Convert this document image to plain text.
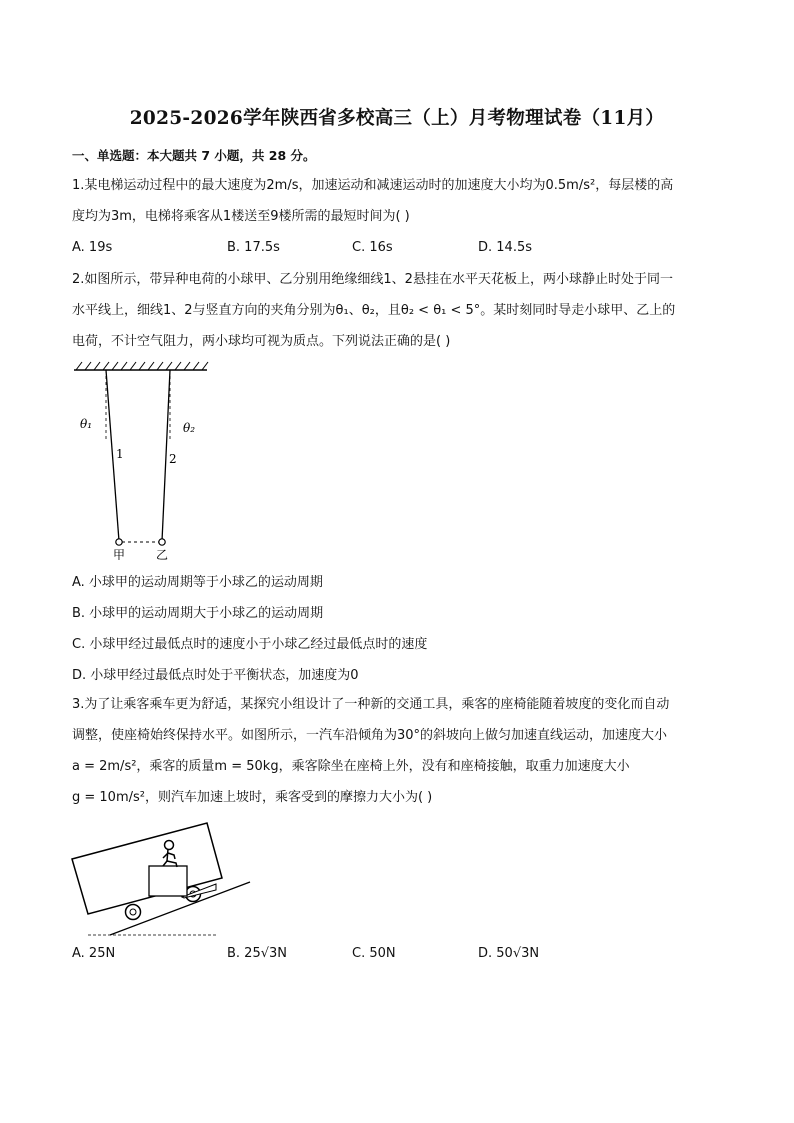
2025-2026学年陕西省多校高三（上）月考物理试卷（11月）
一、单选题：本大题共 7 小题，共 28 分。
1.某电梯运动过程中的最大速度为2m/s，加速运动和减速运动时的加速度大小均为0.5m/s²，每层楼的高
度均为3m，电梯将乘客从1楼送至9楼所需的最短时间为( )
A. 19s	B. 17.5s	C. 16s	D. 14.5s
2.如图所示，带异种电荷的小球甲、乙分别用绝缘细线1、2悬挂在水平天花板上，两小球静止时处于同一
水平线上，细线1、2与竖直方向的夹角分别为θ₁、θ₂，且θ₂ < θ₁ < 5°。某时刻同时导走小球甲、乙上的
电荷，不计空气阻力，两小球均可视为质点。下列说法正确的是( )
θ₁	θ₂
1	2
甲	乙
A. 小球甲的运动周期等于小球乙的运动周期
B. 小球甲的运动周期大于小球乙的运动周期
C. 小球甲经过最低点时的速度小于小球乙经过最低点时的速度
D. 小球甲经过最低点时处于平衡状态，加速度为0
3.为了让乘客乘车更为舒适，某探究小组设计了一种新的交通工具，乘客的座椅能随着坡度的变化而自动
调整，使座椅始终保持水平。如图所示，一汽车沿倾角为30°的斜坡向上做匀加速直线运动，加速度大小
a = 2m/s²，乘客的质量m = 50kg，乘客除坐在座椅上外，没有和座椅接触，取重力加速度大小
g = 10m/s²，则汽车加速上坡时，乘客受到的摩擦力大小为( )
A. 25N	B. 25√3N	C. 50N	D. 50√3N
